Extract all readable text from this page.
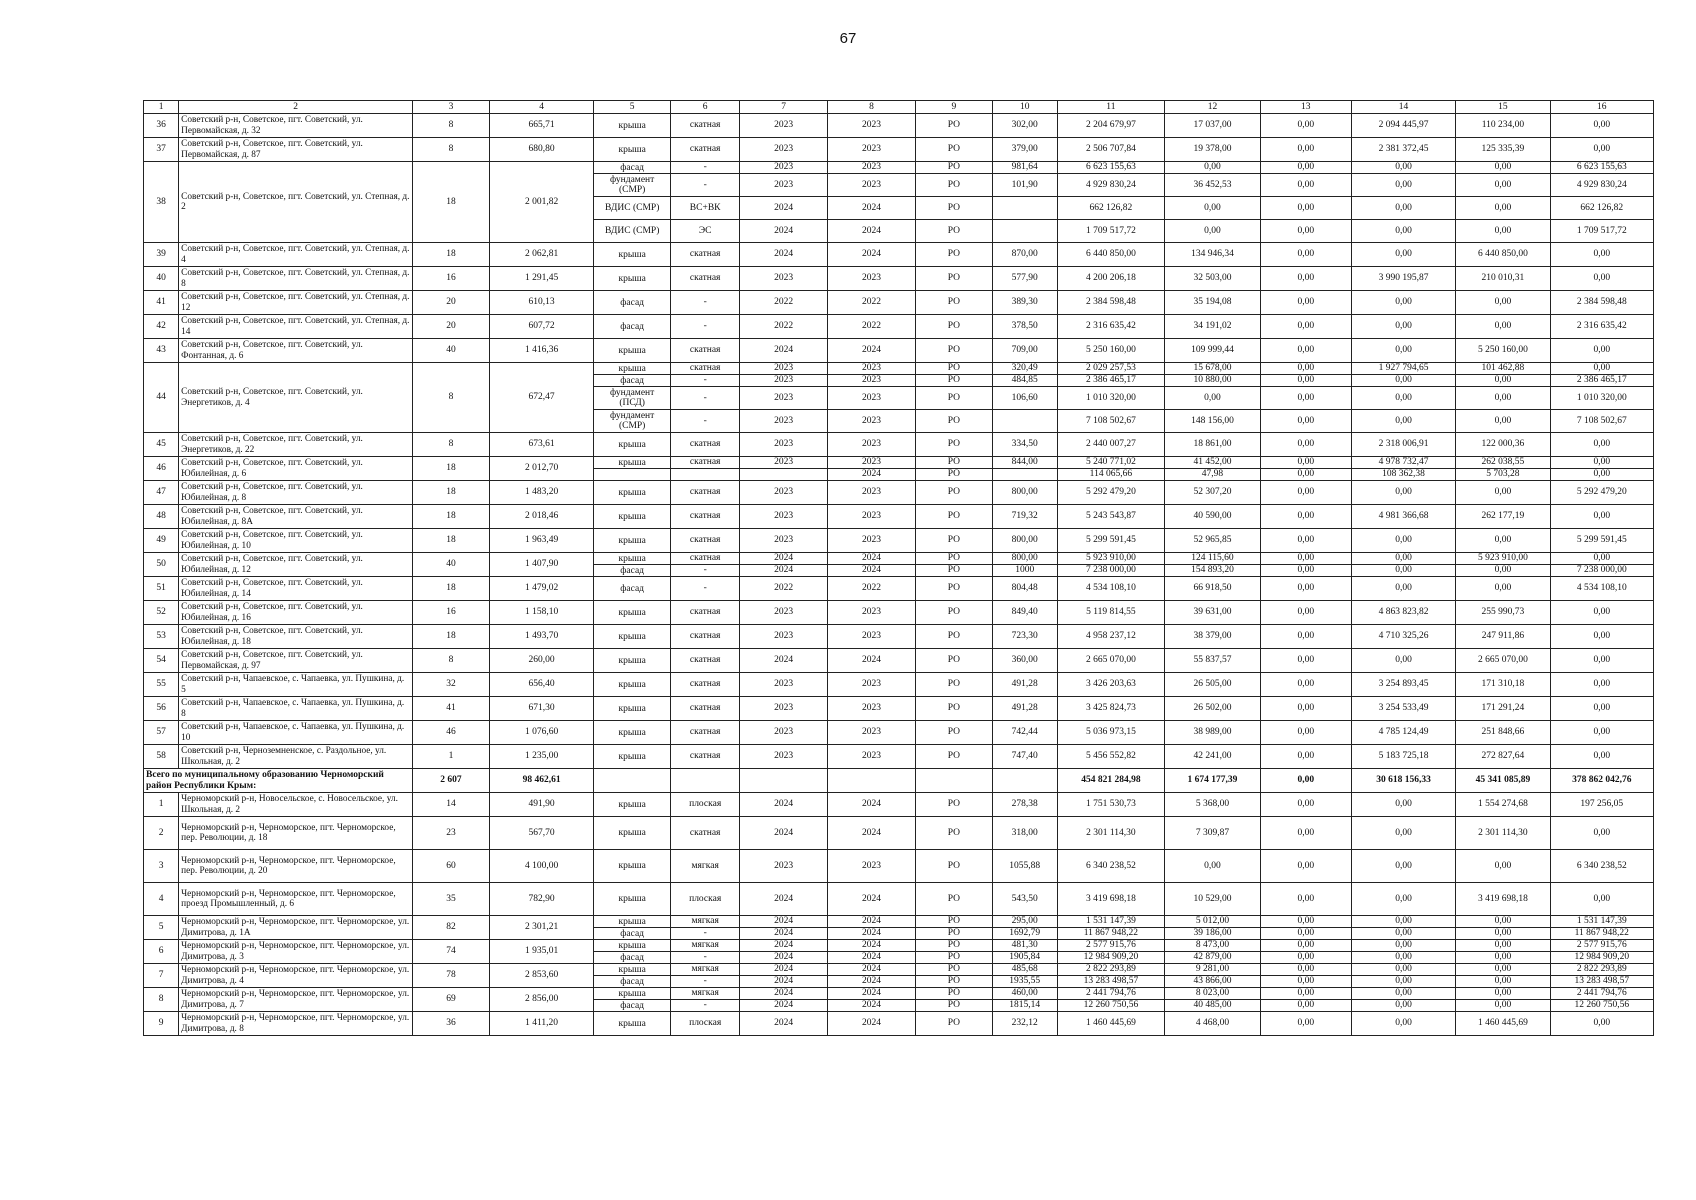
67
1	2	3	4	5	6	7	8	9	10	11	12	13	14	15	16
36	Советский р-н, Советское, пгт. Советский, ул. Первомайская, д. 32	8	665,71	крыша	скатная	2023	2023	РО	302,00	2 204 679,97	17 037,00	0,00	2 094 445,97	110 234,00	0,00
37	Советский р-н, Советское, пгт. Советский, ул. Первомайская, д. 87	8	680,80	крыша	скатная	2023	2023	РО	379,00	2 506 707,84	19 378,00	0,00	2 381 372,45	125 335,39	0,00
38	Советский р-н, Советское, пгт. Советский, ул. Степная, д. 2	18	2 001,82	фасад	-	2023	2023	РО	981,64	6 623 155,63	0,00	0,00	0,00	0,00	6 623 155,63
				фундамент (СМР)	-	2023	2023	РО	101,90	4 929 830,24	36 452,53	0,00	0,00	0,00	4 929 830,24
				ВДИС (СМР)	ВС+ВК	2024	2024	РО		662 126,82	0,00	0,00	0,00	0,00	662 126,82
				ВДИС (СМР)	ЭС	2024	2024	РО		1 709 517,72	0,00	0,00	0,00	0,00	1 709 517,72
39	Советский р-н, Советское, пгт. Советский, ул. Степная, д. 4	18	2 062,81	крыша	скатная	2024	2024	РО	870,00	6 440 850,00	134 946,34	0,00	0,00	6 440 850,00	0,00
40	Советский р-н, Советское, пгт. Советский, ул. Степная, д. 8	16	1 291,45	крыша	скатная	2023	2023	РО	577,90	4 200 206,18	32 503,00	0,00	3 990 195,87	210 010,31	0,00
41	Советский р-н, Советское, пгт. Советский, ул. Степная, д. 12	20	610,13	фасад	-	2022	2022	РО	389,30	2 384 598,48	35 194,08	0,00	0,00	0,00	2 384 598,48
42	Советский р-н, Советское, пгт. Советский, ул. Степная, д. 14	20	607,72	фасад	-	2022	2022	РО	378,50	2 316 635,42	34 191,02	0,00	0,00	0,00	2 316 635,42
43	Советский р-н, Советское, пгт. Советский, ул. Фонтанная, д. 6	40	1 416,36	крыша	скатная	2024	2024	РО	709,00	5 250 160,00	109 999,44	0,00	0,00	5 250 160,00	0,00
44	Советский р-н, Советское, пгт. Советский, ул. Энергетиков, д. 4	8	672,47	крыша	скатная	2023	2023	РО	320,49	2 029 257,53	15 678,00	0,00	1 927 794,65	101 462,88	0,00
				фасад	-	2023	2023	РО	484,85	2 386 465,17	10 880,00	0,00	0,00	0,00	2 386 465,17
				фундамент (ПСД)	-	2023	2023	РО	106,60	1 010 320,00	0,00	0,00	0,00	0,00	1 010 320,00
				фундамент (СМР)	-	2023	2023	РО		7 108 502,67	148 156,00	0,00	0,00	0,00	7 108 502,67
45	Советский р-н, Советское, пгт. Советский, ул. Энергетиков, д. 22	8	673,61	крыша	скатная	2023	2023	РО	334,50	2 440 007,27	18 861,00	0,00	2 318 006,91	122 000,36	0,00
46	Советский р-н, Советское, пгт. Советский, ул. Юбилейная, д. 6	18	2 012,70	крыша	скатная	2023	2023	РО	844,00	5 240 771,02	41 452,00	0,00	4 978 732,47	262 038,55	0,00
							2024	РО		114 065,66	47,98	0,00	108 362,38	5 703,28	0,00
47	Советский р-н, Советское, пгт. Советский, ул. Юбилейная, д. 8	18	1 483,20	крыша	скатная	2023	2023	РО	800,00	5 292 479,20	52 307,20	0,00	0,00	0,00	5 292 479,20
48	Советский р-н, Советское, пгт. Советский, ул. Юбилейная, д. 8А	18	2 018,46	крыша	скатная	2023	2023	РО	719,32	5 243 543,87	40 590,00	0,00	4 981 366,68	262 177,19	0,00
49	Советский р-н, Советское, пгт. Советский, ул. Юбилейная, д. 10	18	1 963,49	крыша	скатная	2023	2023	РО	800,00	5 299 591,45	52 965,85	0,00	0,00	0,00	5 299 591,45
50	Советский р-н, Советское, пгт. Советский, ул. Юбилейная, д. 12	40	1 407,90	крыша	скатная	2024	2024	РО	800,00	5 923 910,00	124 115,60	0,00	0,00	5 923 910,00	0,00
				фасад	-	2024	2024	РО	1000	7 238 000,00	154 893,20	0,00	0,00	0,00	7 238 000,00
51	Советский р-н, Советское, пгт. Советский, ул. Юбилейная, д. 14	18	1 479,02	фасад	-	2022	2022	РО	804,48	4 534 108,10	66 918,50	0,00	0,00	0,00	4 534 108,10
52	Советский р-н, Советское, пгт. Советский, ул. Юбилейная, д. 16	16	1 158,10	крыша	скатная	2023	2023	РО	849,40	5 119 814,55	39 631,00	0,00	4 863 823,82	255 990,73	0,00
53	Советский р-н, Советское, пгт. Советский, ул. Юбилейная, д. 18	18	1 493,70	крыша	скатная	2023	2023	РО	723,30	4 958 237,12	38 379,00	0,00	4 710 325,26	247 911,86	0,00
54	Советский р-н, Советское, пгт. Советский, ул. Первомайская, д. 97	8	260,00	крыша	скатная	2024	2024	РО	360,00	2 665 070,00	55 837,57	0,00	0,00	2 665 070,00	0,00
55	Советский р-н, Чапаевское, с. Чапаевка, ул. Пушкина, д. 5	32	656,40	крыша	скатная	2023	2023	РО	491,28	3 426 203,63	26 505,00	0,00	3 254 893,45	171 310,18	0,00
56	Советский р-н, Чапаевское, с. Чапаевка, ул. Пушкина, д. 8	41	671,30	крыша	скатная	2023	2023	РО	491,28	3 425 824,73	26 502,00	0,00	3 254 533,49	171 291,24	0,00
57	Советский р-н, Чапаевское, с. Чапаевка, ул. Пушкина, д. 10	46	1 076,60	крыша	скатная	2023	2023	РО	742,44	5 036 973,15	38 989,00	0,00	4 785 124,49	251 848,66	0,00
58	Советский р-н, Черноземненское, с. Раздольное, ул. Школьная, д. 2	1	1 235,00	крыша	скатная	2023	2023	РО	747,40	5 456 552,82	42 241,00	0,00	5 183 725,18	272 827,64	0,00
Всего по муниципальному образованию Черноморский район Республики Крым:		2 607	98 462,61							454 821 284,98	1 674 177,39	0,00	30 618 156,33	45 341 085,89	378 862 042,76
1	Черноморский р-н, Новосельское, с. Новосельское, ул. Школьная, д. 2	14	491,90	крыша	плоская	2024	2024	РО	278,38	1 751 530,73	5 368,00	0,00	0,00	1 554 274,68	197 256,05
2	Черноморский р-н, Черноморское, пгт. Черноморское, пер. Революции, д. 18	23	567,70	крыша	скатная	2024	2024	РО	318,00	2 301 114,30	7 309,87	0,00	0,00	2 301 114,30	0,00
3	Черноморский р-н, Черноморское, пгт. Черноморское, пер. Революции, д. 20	60	4 100,00	крыша	мягкая	2023	2023	РО	1055,88	6 340 238,52	0,00	0,00	0,00	0,00	6 340 238,52
4	Черноморский р-н, Черноморское, пгт. Черноморское, проезд Промышленный, д. 6	35	782,90	крыша	плоская	2024	2024	РО	543,50	3 419 698,18	10 529,00	0,00	0,00	3 419 698,18	0,00
5	Черноморский р-н, Черноморское, пгт. Черноморское, ул. Димитрова, д. 1А	82	2 301,21	крыша	мягкая	2024	2024	РО	295,00	1 531 147,39	5 012,00	0,00	0,00	0,00	1 531 147,39
				фасад	-	2024	2024	РО	1692,79	11 867 948,22	39 186,00	0,00	0,00	0,00	11 867 948,22
6	Черноморский р-н, Черноморское, пгт. Черноморское, ул. Димитрова, д. 3	74	1 935,01	крыша	мягкая	2024	2024	РО	481,30	2 577 915,76	8 473,00	0,00	0,00	0,00	2 577 915,76
				фасад	-	2024	2024	РО	1905,84	12 984 909,20	42 879,00	0,00	0,00	0,00	12 984 909,20
7	Черноморский р-н, Черноморское, пгт. Черноморское, ул. Димитрова, д. 4	78	2 853,60	крыша	мягкая	2024	2024	РО	485,68	2 822 293,89	9 281,00	0,00	0,00	0,00	2 822 293,89
				фасад	-	2024	2024	РО	1935,55	13 283 498,57	43 866,00	0,00	0,00	0,00	13 283 498,57
8	Черноморский р-н, Черноморское, пгт. Черноморское, ул. Димитрова, д. 7	69	2 856,00	крыша	мягкая	2024	2024	РО	460,00	2 441 794,76	8 023,00	0,00	0,00	0,00	2 441 794,76
				фасад	-	2024	2024	РО	1815,14	12 260 750,56	40 485,00	0,00	0,00	0,00	12 260 750,56
9	Черноморский р-н, Черноморское, пгт. Черноморское, ул. Димитрова, д. 8	36	1 411,20	крыша	плоская	2024	2024	РО	232,12	1 460 445,69	4 468,00	0,00	0,00	1 460 445,69	0,00
